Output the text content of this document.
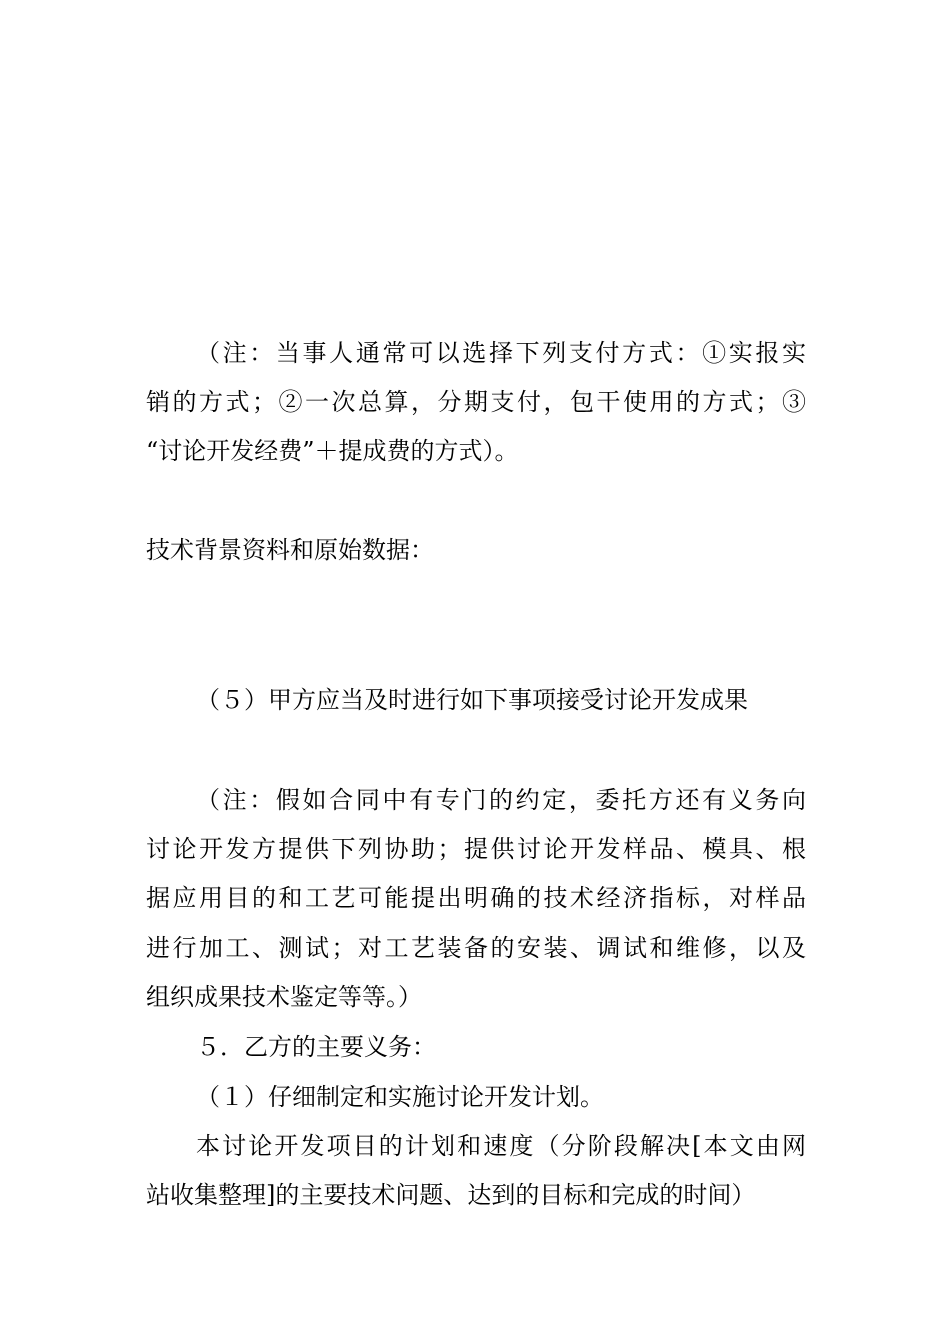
（注：当事人通常可以选择下列支付方式：①实报实
销的方式；②一次总算，分期支付，包干使用的方式；③
“讨论开发经费”＋提成费的方式）。

技术背景资料和原始数据：

（５）甲方应当及时进行如下事项接受讨论开发成果

（注：假如合同中有专门的约定，委托方还有义务向
讨论开发方提供下列协助；提供讨论开发样品、模具、根
据应用目的和工艺可能提出明确的技术经济指标，对样品
进行加工、测试；对工艺装备的安装、调试和维修，以及
组织成果技术鉴定等等。）
５．乙方的主要义务：
（１）仔细制定和实施讨论开发计划。
本讨论开发项目的计划和速度（分阶段解决[本文由网
站收集整理]的主要技术问题、达到的目标和完成的时间）
